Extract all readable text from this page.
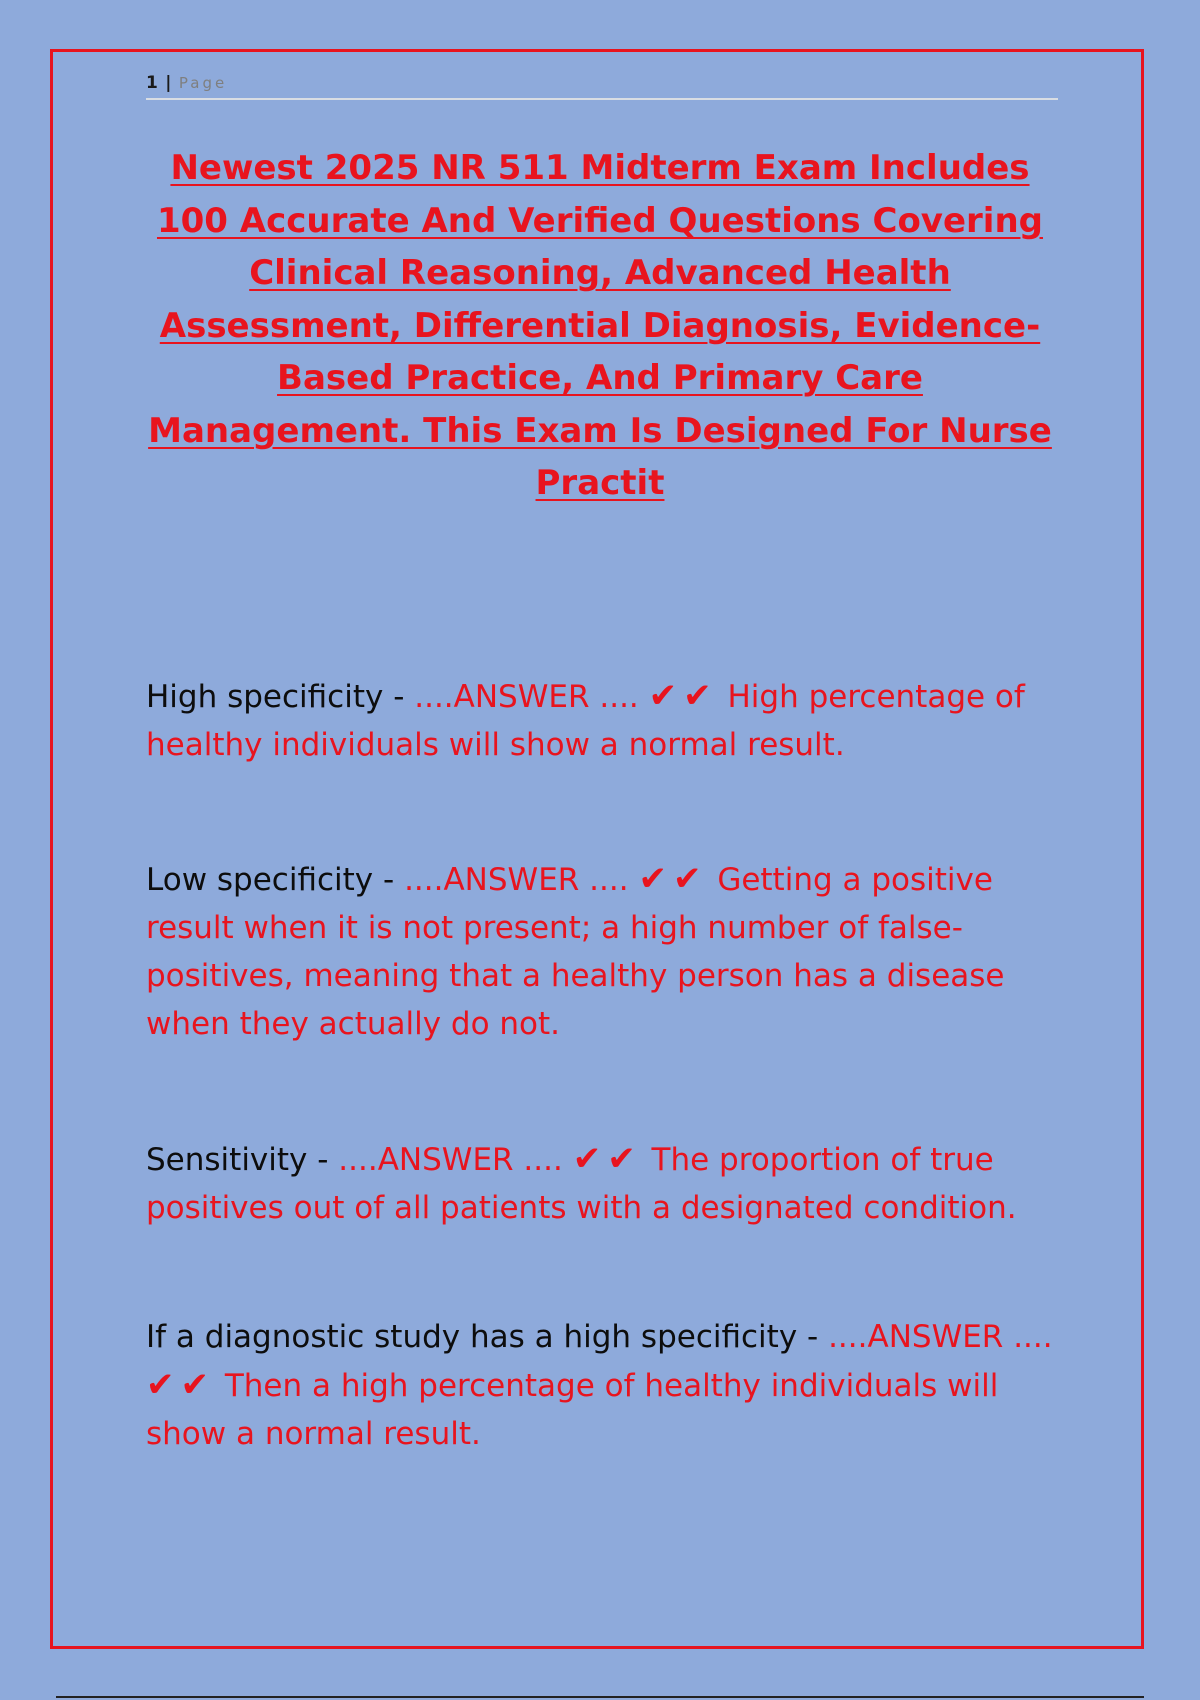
1 | Page
Newest 2025 NR 511 Midterm Exam Includes 100 Accurate And Verified Questions Covering Clinical Reasoning, Advanced Health Assessment, Differential Diagnosis, Evidence-Based Practice, And Primary Care Management. This Exam Is Designed For Nurse Practit
High specificity - ....ANSWER .... ✔✔ High percentage of healthy individuals will show a normal result.
Low specificity - ....ANSWER .... ✔✔ Getting a positive result when it is not present; a high number of false-positives, meaning that a healthy person has a disease when they actually do not.
Sensitivity - ....ANSWER .... ✔✔ The proportion of true positives out of all patients with a designated condition.
If a diagnostic study has a high specificity - ....ANSWER .... ✔✔ Then a high percentage of healthy individuals will show a normal result.
